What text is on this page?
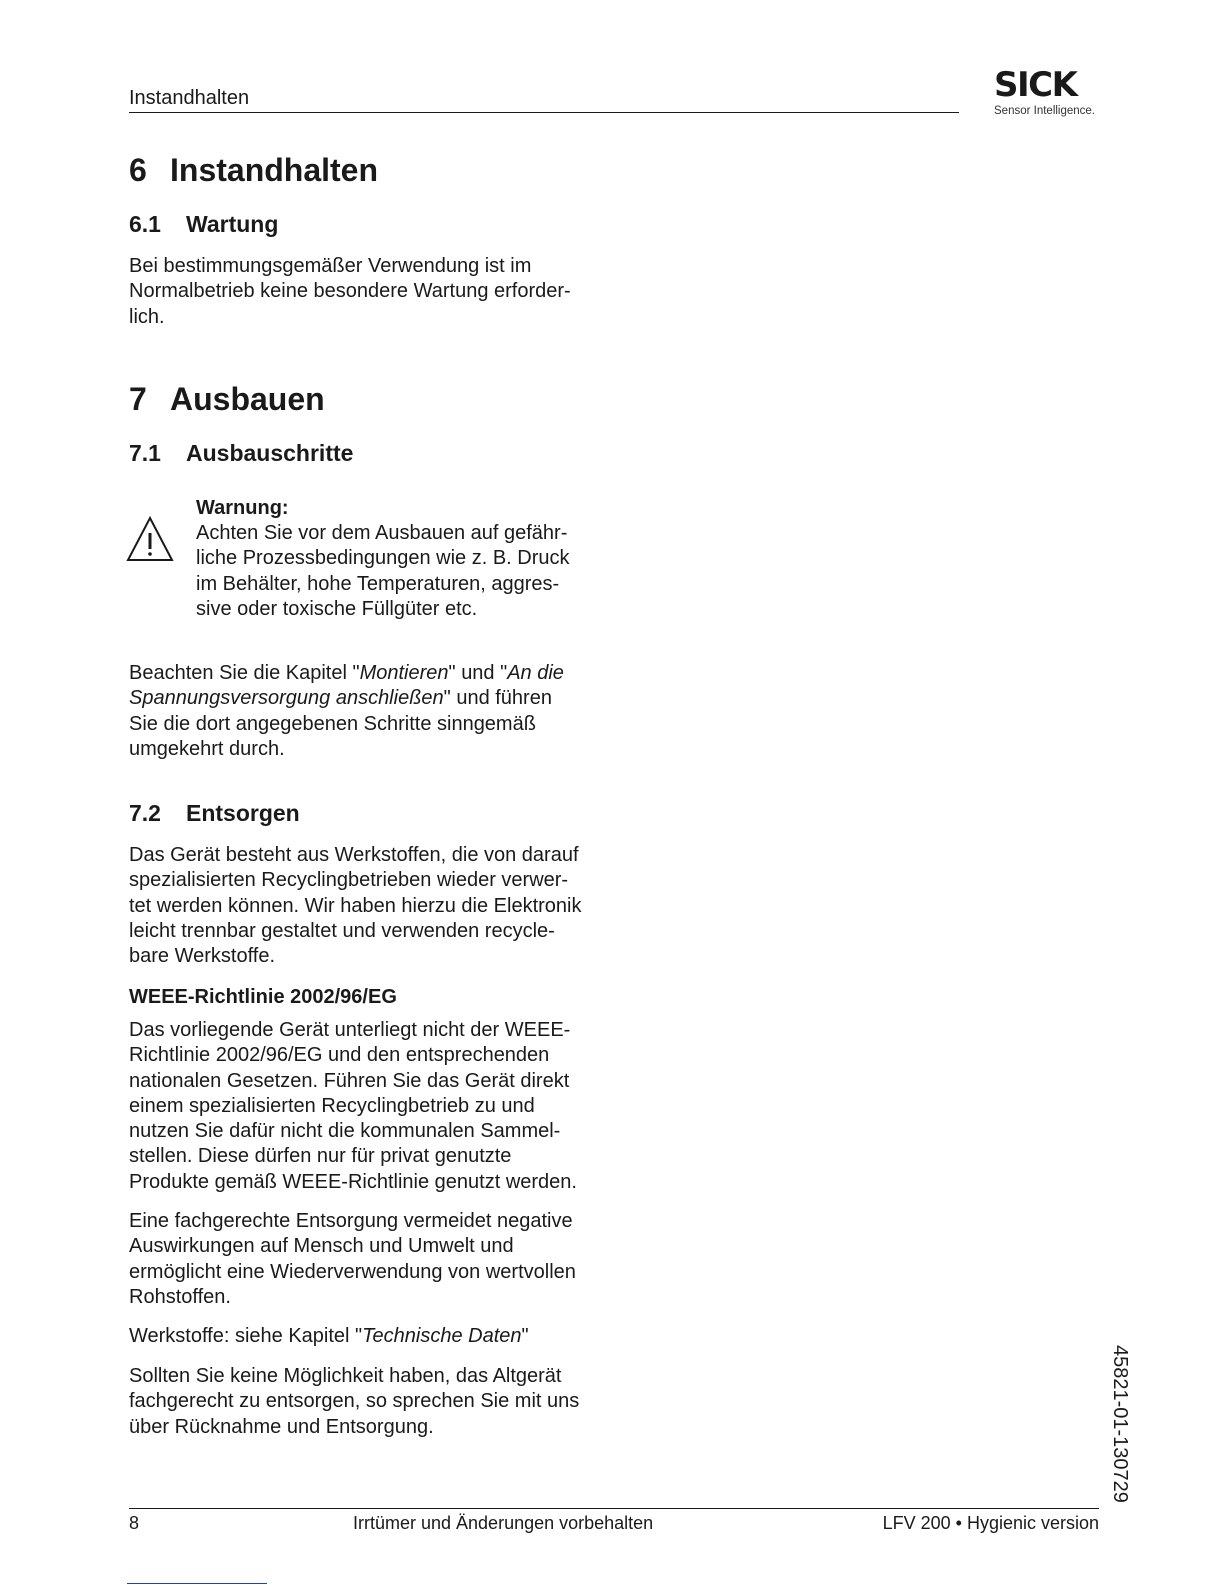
Instandhalten	SICK
Sensor Intelligence.
6 Instandhalten
6.1 Wartung

Bei bestimmungsgemäßer Verwendung ist im
Normalbetrieb keine besondere Wartung erforder-
lich.

7 Ausbauen
7.1 Ausbauschritte
Warnung:

Achten Sie vor dem Ausbauen auf gefähr-
liche Prozessbedingungen wie z. B. Druck
im Behälter, hohe Temperaturen, aggres-
sive oder toxische Füllgüter etc.

Beachten Sie die Kapitel "Montieren" und "An die
Spannungsversorgung anschließen" und führen
Sie die dort angegebenen Schritte sinngemäß
umgekehrt durch.

7.2 Entsorgen

Das Gerät besteht aus Werkstoffen, die von darauf
spezialisierten Recyclingbetrieben wieder verwer-
tet werden können. Wir haben hierzu die Elektronik
leicht trennbar gestaltet und verwenden recycle-
bare Werkstoffe.

WEEE-Richtlinie 2002/96/EG

Das vorliegende Gerät unterliegt nicht der WEEE-
Richtlinie 2002/96/EG und den entsprechenden
nationalen Gesetzen. Führen Sie das Gerät direkt
einem spezialisierten Recyclingbetrieb zu und
nutzen Sie dafür nicht die kommunalen Sammel-
stellen. Diese dürfen nur für privat genutzte
Produkte gemäß WEEE-Richtlinie genutzt werden.

Eine fachgerechte Entsorgung vermeidet negative
Auswirkungen auf Mensch und Umwelt und
ermöglicht eine Wiederverwendung von wertvollen
Rohstoffen.

Werkstoffe: siehe Kapitel "Technische Daten"

Sollten Sie keine Möglichkeit haben, das Altgerät
fachgerecht zu entsorgen, so sprechen Sie mit uns
über Rücknahme und Entsorgung.	45821-01-130729
8	Irrtümer und Änderungen vorbehalten	LFV 200 • Hygienic version
